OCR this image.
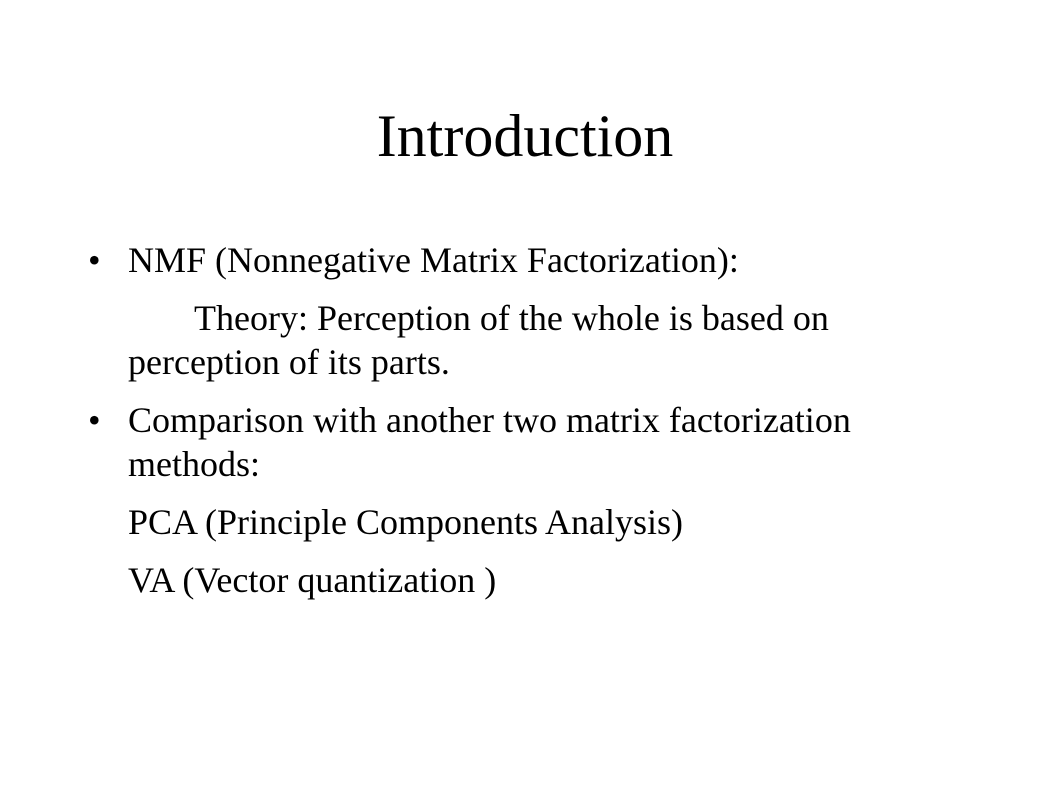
Introduction
• NMF (Nonnegative Matrix Factorization):
Theory: Perception of the whole is based on perception of its parts.
• Comparison with another two matrix factorization methods:
PCA (Principle Components Analysis)
VA (Vector quantization )
